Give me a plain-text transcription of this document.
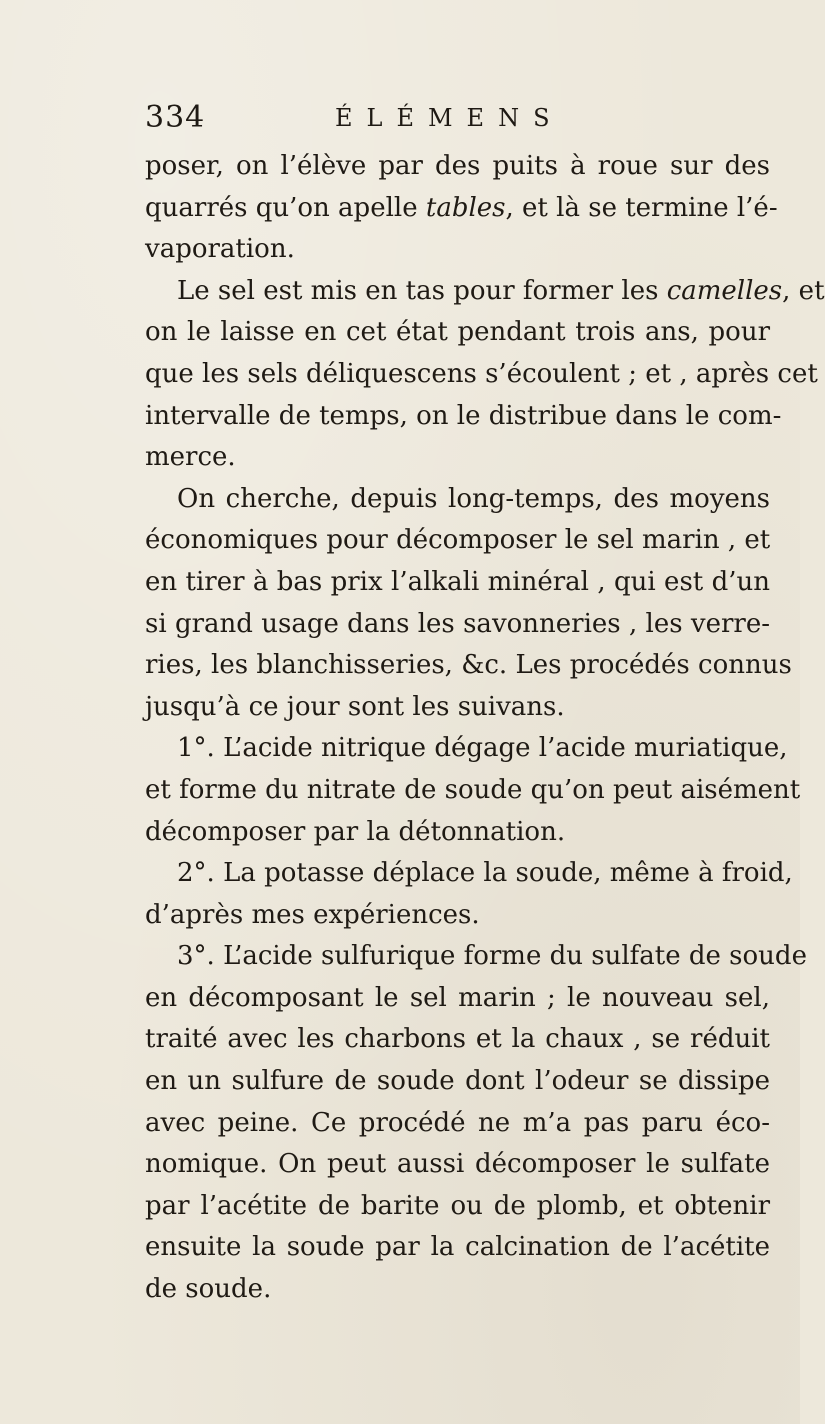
334	ÉLÉMENS
poser, on l’élève par des puits à roue sur des
quarrés qu’on apelle tables, et là se termine l’é-
vaporation.
Le sel est mis en tas pour former les camelles, et
on le laisse en cet état pendant trois ans, pour
que les sels déliquescens s’écoulent ; et , après cet
intervalle de temps, on le distribue dans le com-
merce.
On cherche, depuis long-temps, des moyens
économiques pour décomposer le sel marin , et
en tirer à bas prix l’alkali minéral , qui est d’un
si grand usage dans les savonneries , les verre-
ries, les blanchisseries, &c. Les procédés connus
jusqu’à ce jour sont les suivans.
1°. L’acide nitrique dégage l’acide muriatique,
et forme du nitrate de soude qu’on peut aisément
décomposer par la détonnation.
2°. La potasse déplace la soude, même à froid,
d’après mes expériences.
3°. L’acide sulfurique forme du sulfate de soude
en décomposant le sel marin ; le nouveau sel,
traité avec les charbons et la chaux , se réduit
en un sulfure de soude dont l’odeur se dissipe
avec peine. Ce procédé ne m’a pas paru éco-
nomique. On peut aussi décomposer le sulfate
par l’acétite de barite ou de plomb, et obtenir
ensuite la soude par la calcination de l’acétite
de soude.
